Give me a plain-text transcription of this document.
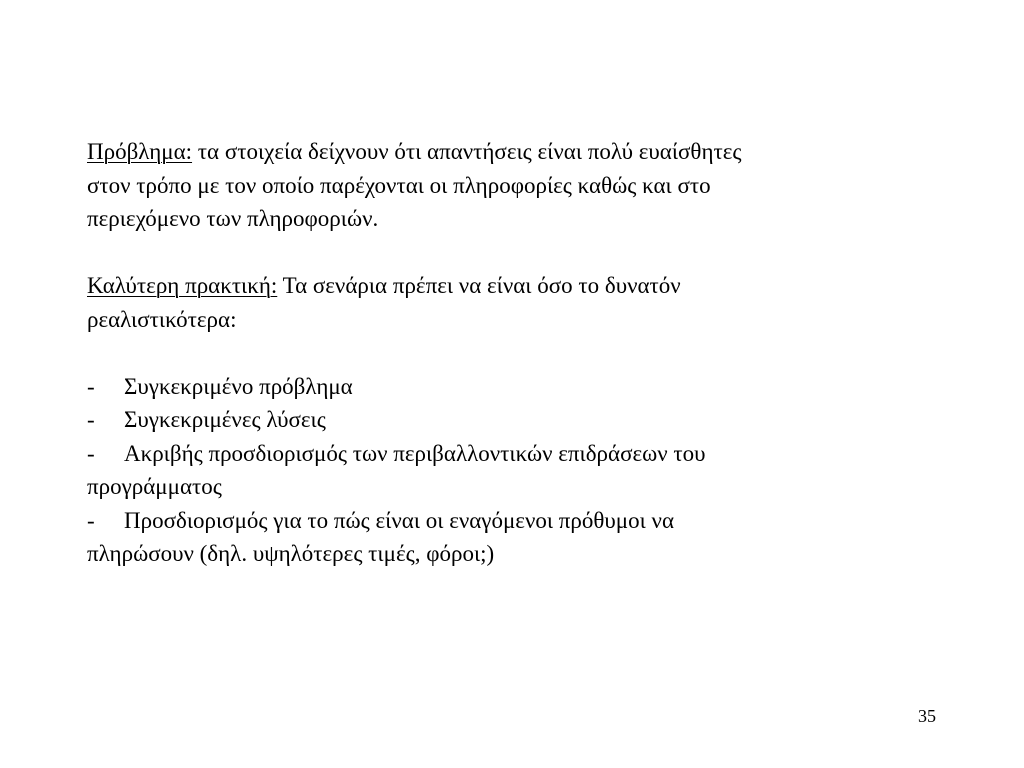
Πρόβλημα: τα στοιχεία δείχνουν ότι απαντήσεις είναι πολύ ευαίσθητες
στον τρόπο με τον οποίο παρέχονται οι πληροφορίες καθώς και στο
περιεχόμενο των πληροφοριών.
Καλύτερη πρακτική: Τα σενάρια πρέπει να είναι όσο το δυνατόν
ρεαλιστικότερα:
-	Συγκεκριμένο πρόβλημα
-	Συγκεκριμένες λύσεις
-	Ακριβής προσδιορισμός των περιβαλλοντικών επιδράσεων του
προγράμματος
-	Προσδιορισμός για το πώς είναι οι εναγόμενοι πρόθυμοι να
πληρώσουν (δηλ. υψηλότερες τιμές, φόροι;)
35
